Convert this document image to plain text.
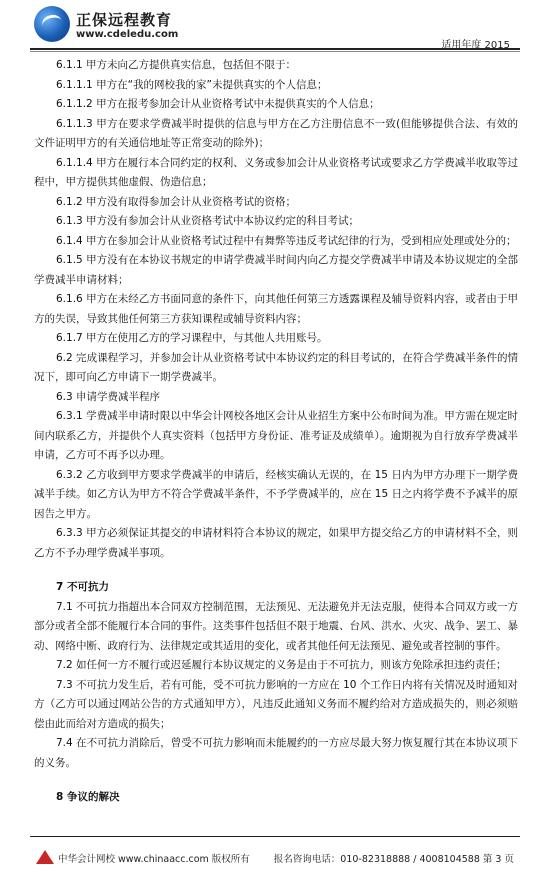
正保远程教育
www.cdeledu.com
适用年度 2015

6.1.1 甲方未向乙方提供真实信息，包括但不限于：

6.1.1.1 甲方在“我的网校我的家”未提供真实的个人信息；

6.1.1.2 甲方在报考参加会计从业资格考试中未提供真实的个人信息；

6.1.1.3 甲方在要求学费减半时提供的信息与甲方在乙方注册信息不一致(但能够提供合法、有效的文件证明甲方的有关通信地址等正常变动的除外)；

6.1.1.4 甲方在履行本合同约定的权利、义务或参加会计从业资格考试或要求乙方学费减半收取等过程中，甲方提供其他虚假、伪造信息；

6.1.2 甲方没有取得参加会计从业资格考试的资格；

6.1.3 甲方没有参加会计从业资格考试中本协议约定的科目考试；

6.1.4 甲方在参加会计从业资格考试过程中有舞弊等违反考试纪律的行为，受到相应处理或处分的；

6.1.5 甲方没有在本协议书规定的申请学费减半时间内向乙方提交学费减半申请及本协议规定的全部学费减半申请材料；

6.1.6 甲方在未经乙方书面同意的条件下，向其他任何第三方透露课程及辅导资料内容，或者由于甲方的失误，导致其他任何第三方获知课程或辅导资料内容；

6.1.7 甲方在使用乙方的学习课程中，与其他人共用账号。

6.2 完成课程学习，并参加会计从业资格考试中本协议约定的科目考试的，在符合学费减半条件的情况下，即可向乙方申请下一期学费减半。

6.3 申请学费减半程序

6.3.1 学费减半申请时限以中华会计网校各地区会计从业招生方案中公布时间为准。甲方需在规定时间内联系乙方，并提供个人真实资料（包括甲方身份证、准考证及成绩单）。逾期视为自行放弃学费减半申请，乙方可不再予以办理。

6.3.2 乙方收到甲方要求学费减半的申请后，经核实确认无误的，在 15 日内为甲方办理下一期学费减半手续。如乙方认为甲方不符合学费减半条件，不予学费减半的，应在 15 日之内将学费不予减半的原因告之甲方。

6.3.3 甲方必须保证其提交的申请材料符合本协议的规定，如果甲方提交给乙方的申请材料不全，则乙方不予办理学费减半事项。

7 不可抗力

7.1 不可抗力指超出本合同双方控制范围，无法预见、无法避免并无法克服，使得本合同双方或一方部分或者全部不能履行本合同的事件。这类事件包括但不限于地震、台风、洪水、火灾、战争、罢工、暴动、网络中断、政府行为、法律规定或其适用的变化，或者其他任何无法预见、避免或者控制的事件。

7.2 如任何一方不履行或迟延履行本协议规定的义务是由于不可抗力，则该方免除承担违约责任；

7.3 不可抗力发生后，若有可能，受不可抗力影响的一方应在 10 个工作日内将有关情况及时通知对方（乙方可以通过网站公告的方式通知甲方），凡违反此通知义务而不履约给对方造成损失的，则必须赔偿由此而给对方造成的损失；

7.4 在不可抗力消除后，曾受不可抗力影响而未能履约的一方应尽最大努力恢复履行其在本协议项下的义务。

8 争议的解决

中华会计网校 www.chinaacc.com 版权所有	报名咨询电话：010-82318888 / 4008104588 第 3 页
